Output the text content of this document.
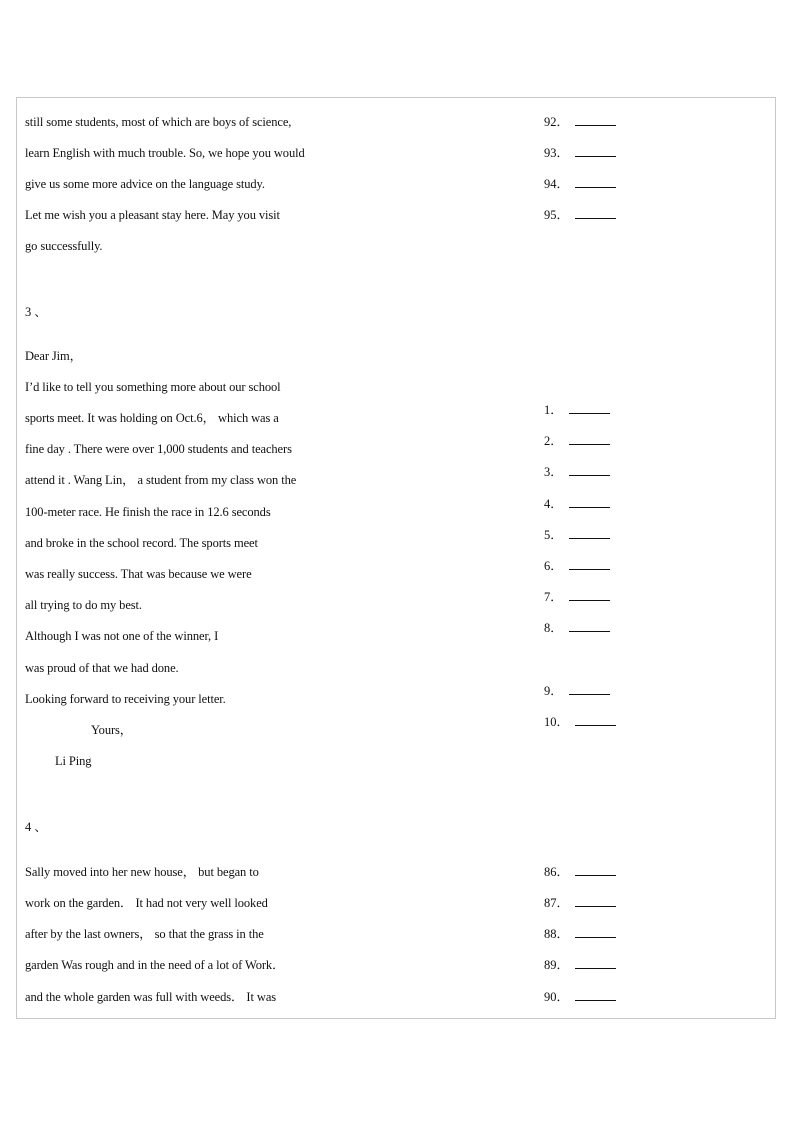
still some students, most of which are boys of science,
learn English with much trouble. So, we hope you would
give us some more advice on the language study.
Let me wish you a pleasant stay here. May you visit
go successfully.
92．
93．
94．
95．
3 、
Dear Jim，
I’d like to tell you something more about our school
sports meet. It was holding on Oct.6， which was a
fine day . There were over 1,000 students and teachers
attend it . Wang Lin， a student from my class won the
100-meter race. He finish the race in 12.6 seconds
and broke in the school record. The sports meet
was really success. That was because we were
all trying to do my best.
Although I was not one of the winner, I
was proud of that we had done.
Looking forward to receiving your letter.
Yours，
Li Ping
1．
2．
3．
4．
5．
6．
7．
8．
9．
10．
4 、
Sally moved into her new house， but began to
work on the garden． It had not very well looked
after by the last owners， so that the grass in the
garden Was rough and in the need of a lot of Work．
and the whole garden was full with weeds． It was
86．
87．
88．
89．
90．
